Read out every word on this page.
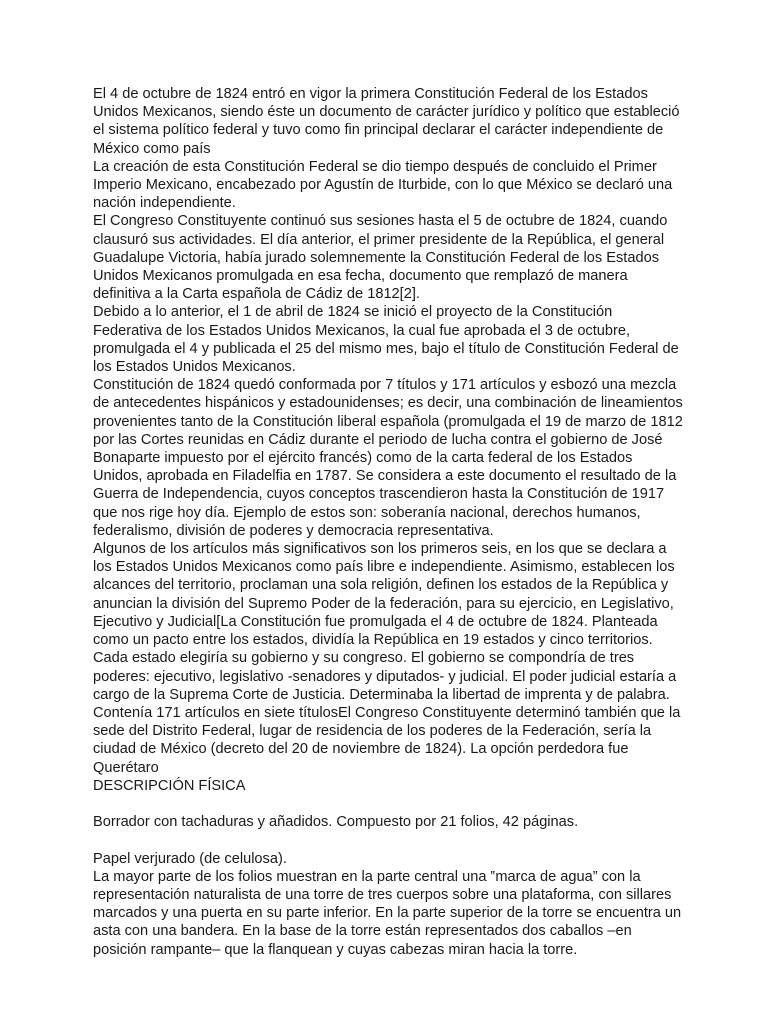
El 4 de octubre de 1824 entró en vigor la primera Constitución Federal de los Estados Unidos Mexicanos, siendo éste un documento de carácter jurídico y político que estableció el sistema político federal y tuvo como fin principal declarar el carácter independiente de México como país

La creación de esta Constitución Federal se dio tiempo después de concluido el Primer Imperio Mexicano, encabezado por Agustín de Iturbide, con lo que México se declaró una nación independiente.

El Congreso Constituyente continuó sus sesiones hasta el 5 de octubre de 1824, cuando clausuró sus actividades. El día anterior, el primer presidente de la República, el general Guadalupe Victoria, había jurado solemnemente la Constitución Federal de los Estados Unidos Mexicanos promulgada en esa fecha, documento que remplazó de manera definitiva a la Carta española de Cádiz de 1812[2].

Debido a lo anterior, el 1 de abril de 1824 se inició el proyecto de la Constitución Federativa de los Estados Unidos Mexicanos, la cual fue aprobada el 3 de octubre, promulgada el 4 y publicada el 25 del mismo mes, bajo el título de Constitución Federal de los Estados Unidos Mexicanos.

Constitución de 1824 quedó conformada por 7 títulos y 171 artículos y esbozó una mezcla de antecedentes hispánicos y estadounidenses; es decir, una combinación de lineamientos provenientes tanto de la Constitución liberal española (promulgada el 19 de marzo de 1812 por las Cortes reunidas en Cádiz durante el periodo de lucha contra el gobierno de José Bonaparte impuesto por el ejército francés) como de la carta federal de los Estados Unidos, aprobada en Filadelfia en 1787. Se considera a este documento el resultado de la Guerra de Independencia, cuyos conceptos trascendieron hasta la Constitución de 1917 que nos rige hoy día. Ejemplo de estos son: soberanía nacional, derechos humanos, federalismo, división de poderes y democracia representativa.

Algunos de los artículos más significativos son los primeros seis, en los que se declara a los Estados Unidos Mexicanos como país libre e independiente. Asimismo, establecen los alcances del territorio, proclaman una sola religión, definen los estados de la República y anuncian la división del Supremo Poder de la federación, para su ejercicio, en Legislativo, Ejecutivo y Judicial[La Constitución fue promulgada el 4 de octubre de 1824. Planteada como un pacto entre los estados, dividía la República en 19 estados y cinco territorios. Cada estado elegiría su gobierno y su congreso. El gobierno se compondría de tres poderes: ejecutivo, legislativo ‑senadores y diputados‑ y judicial. El poder judicial estaría a cargo de la Suprema Corte de Justicia. Determinaba la libertad de imprenta y de palabra. Contenía 171 artículos en siete títulosEl Congreso Constituyente determinó también que la sede del Distrito Federal, lugar de residencia de los poderes de la Federación, sería la ciudad de México (decreto del 20 de noviembre de 1824). La opción perdedora fue Querétaro

DESCRIPCIÓN FÍSICA

Borrador con tachaduras y añadidos. Compuesto por 21 folios, 42 páginas.

Papel verjurado (de celulosa).

La mayor parte de los folios muestran en la parte central una ‟marca de agua” con la representación naturalista de una torre de tres cuerpos sobre una plataforma, con sillares marcados y una puerta en su parte inferior. En la parte superior de la torre se encuentra un asta con una bandera. En la base de la torre están representados dos caballos –en posición rampante– que la flanquean y cuyas cabezas miran hacia la torre.
